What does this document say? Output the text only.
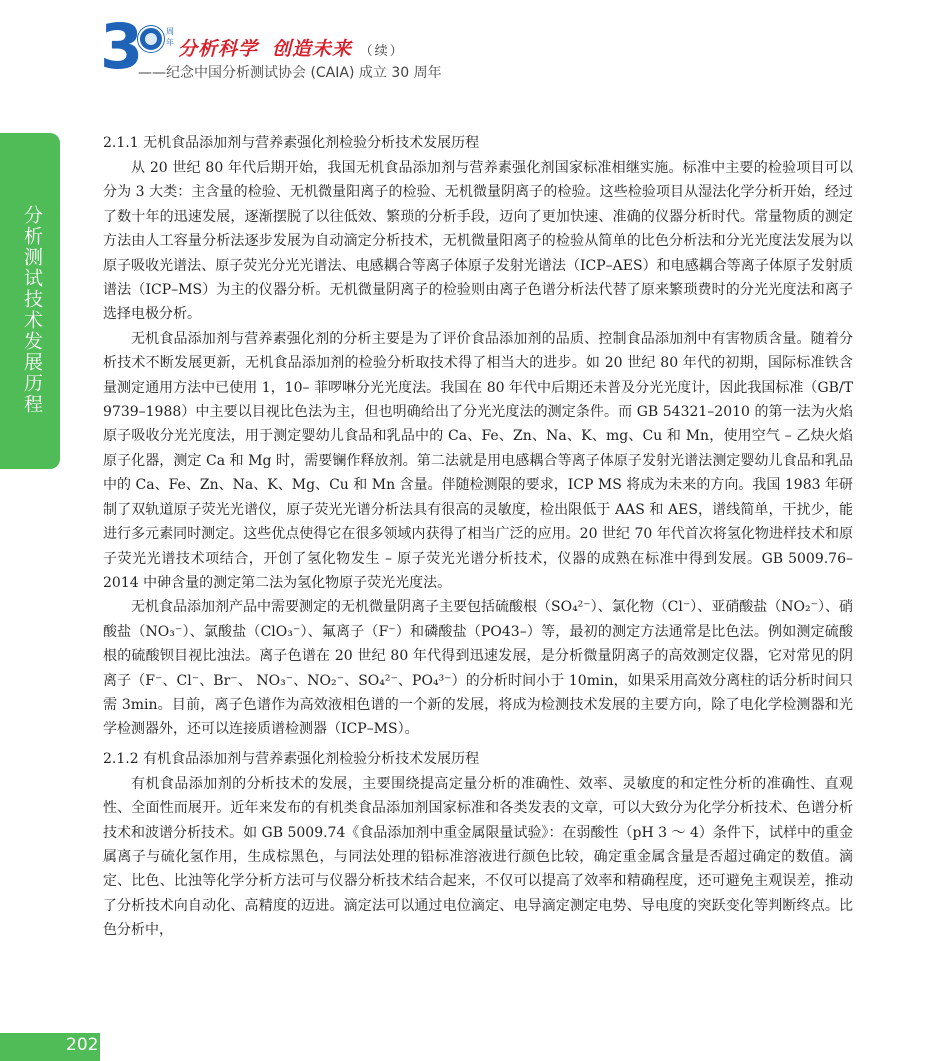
3	周年 分析科学 创造未来 （续）
——纪念中国分析测试协会 (CAIA) 成立 30 周年
分析测试技术发展历程
2.1.1 无机食品添加剂与营养素强化剂检验分析技术发展历程

从 20 世纪 80 年代后期开始，我国无机食品添加剂与营养素强化剂国家标准相继实施。标准中主要的检验项目可以分为 3 大类：主含量的检验、无机微量阳离子的检验、无机微量阴离子的检验。这些检验项目从湿法化学分析开始，经过了数十年的迅速发展，逐渐摆脱了以往低效、繁琐的分析手段，迈向了更加快速、准确的仪器分析时代。常量物质的测定方法由人工容量分析法逐步发展为自动滴定分析技术，无机微量阳离子的检验从简单的比色分析法和分光光度法发展为以原子吸收光谱法、原子荧光分光光谱法、电感耦合等离子体原子发射光谱法（ICP–AES）和电感耦合等离子体原子发射质谱法（ICP–MS）为主的仪器分析。无机微量阴离子的检验则由离子色谱分析法代替了原来繁琐费时的分光光度法和离子选择电极分析。

无机食品添加剂与营养素强化剂的分析主要是为了评价食品添加剂的品质、控制食品添加剂中有害物质含量。随着分析技术不断发展更新，无机食品添加剂的检验分析取技术得了相当大的进步。如 20 世纪 80 年代的初期，国际标准铁含量测定通用方法中已使用 1，10– 菲啰啉分光光度法。我国在 80 年代中后期还未普及分光光度计，因此我国标准（GB/T 9739–1988）中主要以目视比色法为主，但也明确给出了分光光度法的测定条件。而 GB 54321–2010 的第一法为火焰原子吸收分光光度法，用于测定婴幼儿食品和乳品中的 Ca、Fe、Zn、Na、K、mg、Cu 和 Mn，使用空气 – 乙炔火焰原子化器，测定 Ca 和 Mg 时，需要镧作释放剂。第二法就是用电感耦合等离子体原子发射光谱法测定婴幼儿食品和乳品中的 Ca、Fe、Zn、Na、K、Mg、Cu 和 Mn 含量。伴随检测限的要求，ICP MS 将成为未来的方向。我国 1983 年研制了双轨道原子荧光光谱仪，原子荧光光谱分析法具有很高的灵敏度，检出限低于 AAS 和 AES，谱线简单，干扰少，能进行多元素同时测定。这些优点使得它在很多领域内获得了相当广泛的应用。20 世纪 70 年代首次将氢化物进样技术和原子荧光光谱技术项结合，开创了氢化物发生 – 原子荧光光谱分析技术，仪器的成熟在标准中得到发展。GB 5009.76–2014 中砷含量的测定第二法为氢化物原子荧光光度法。

无机食品添加剂产品中需要测定的无机微量阴离子主要包括硫酸根（SO₄²⁻）、氯化物（Cl⁻）、亚硝酸盐（NO₂⁻）、硝酸盐（NO₃⁻）、氯酸盐（ClO₃⁻）、氟离子（F⁻）和磷酸盐（PO43–）等，最初的测定方法通常是比色法。例如测定硫酸根的硫酸钡目视比浊法。离子色谱在 20 世纪 80 年代得到迅速发展，是分析微量阴离子的高效测定仪器，它对常见的阴离子（F⁻、Cl⁻、Br⁻、 NO₃⁻、NO₂⁻、SO₄²⁻、PO₄³⁻）的分析时间小于 10min，如果采用高效分离柱的话分析时间只需 3min。目前，离子色谱作为高效液相色谱的一个新的发展，将成为检测技术发展的主要方向，除了电化学检测器和光学检测器外，还可以连接质谱检测器（ICP–MS）。

2.1.2 有机食品添加剂与营养素强化剂检验分析技术发展历程

有机食品添加剂的分析技术的发展，主要围绕提高定量分析的准确性、效率、灵敏度的和定性分析的准确性、直观性、全面性而展开。近年来发布的有机类食品添加剂国家标准和各类发表的文章，可以大致分为化学分析技术、色谱分析技术和波谱分析技术。如 GB 5009.74《食品添加剂中重金属限量试验》：在弱酸性（pH 3 ～ 4）条件下，试样中的重金属离子与硫化氢作用，生成棕黑色，与同法处理的铅标准溶液进行颜色比较，确定重金属含量是否超过确定的数值。滴定、比色、比浊等化学分析方法可与仪器分析技术结合起来，不仅可以提高了效率和精确程度，还可避免主观误差，推动了分析技术向自动化、高精度的迈进。滴定法可以通过电位滴定、电导滴定测定电势、导电度的突跃变化等判断终点。比色分析中，

202
